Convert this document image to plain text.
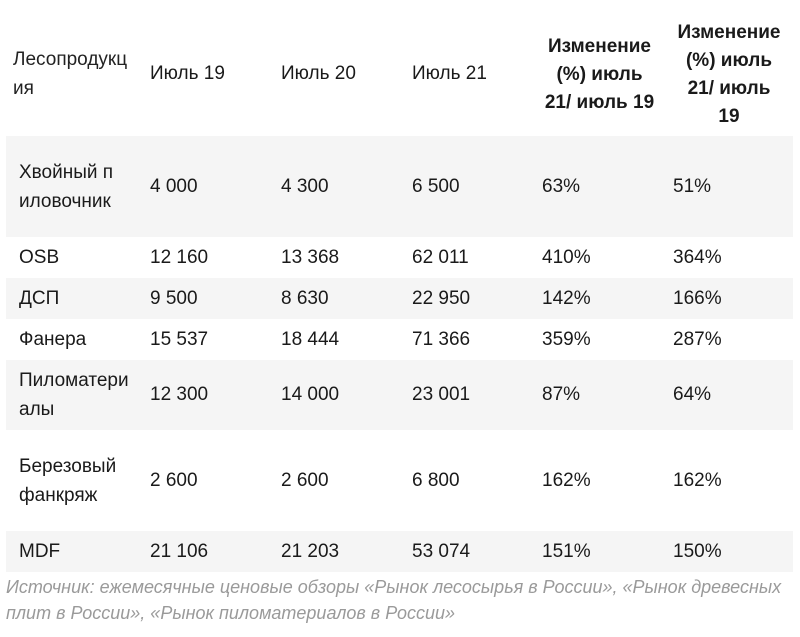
Лесопродукция	Июль 19	Июль 20	Июль 21	Изменение (%) июль 21/ июль 19	Изменение (%) июль 21/ июль 19

Хвойный пиловочник	4 000	4 300	6 500	63%	51%
OSB	12 160	13 368	62 011	410%	364%
ДСП	9 500	8 630	22 950	142%	166%
Фанера	15 537	18 444	71 366	359%	287%

Пиломатериалы	12 300	14 000	23 001	87%	64%

Березовый фанкряж	2 600	2 600	6 800	162%	162%
MDF	21 106	21 203	53 074	151%	150%
Источник: ежемесячные ценовые обзоры «Рынок лесосырья в России», «Рынок древесных плит в России», «Рынок пиломатериалов в России»
